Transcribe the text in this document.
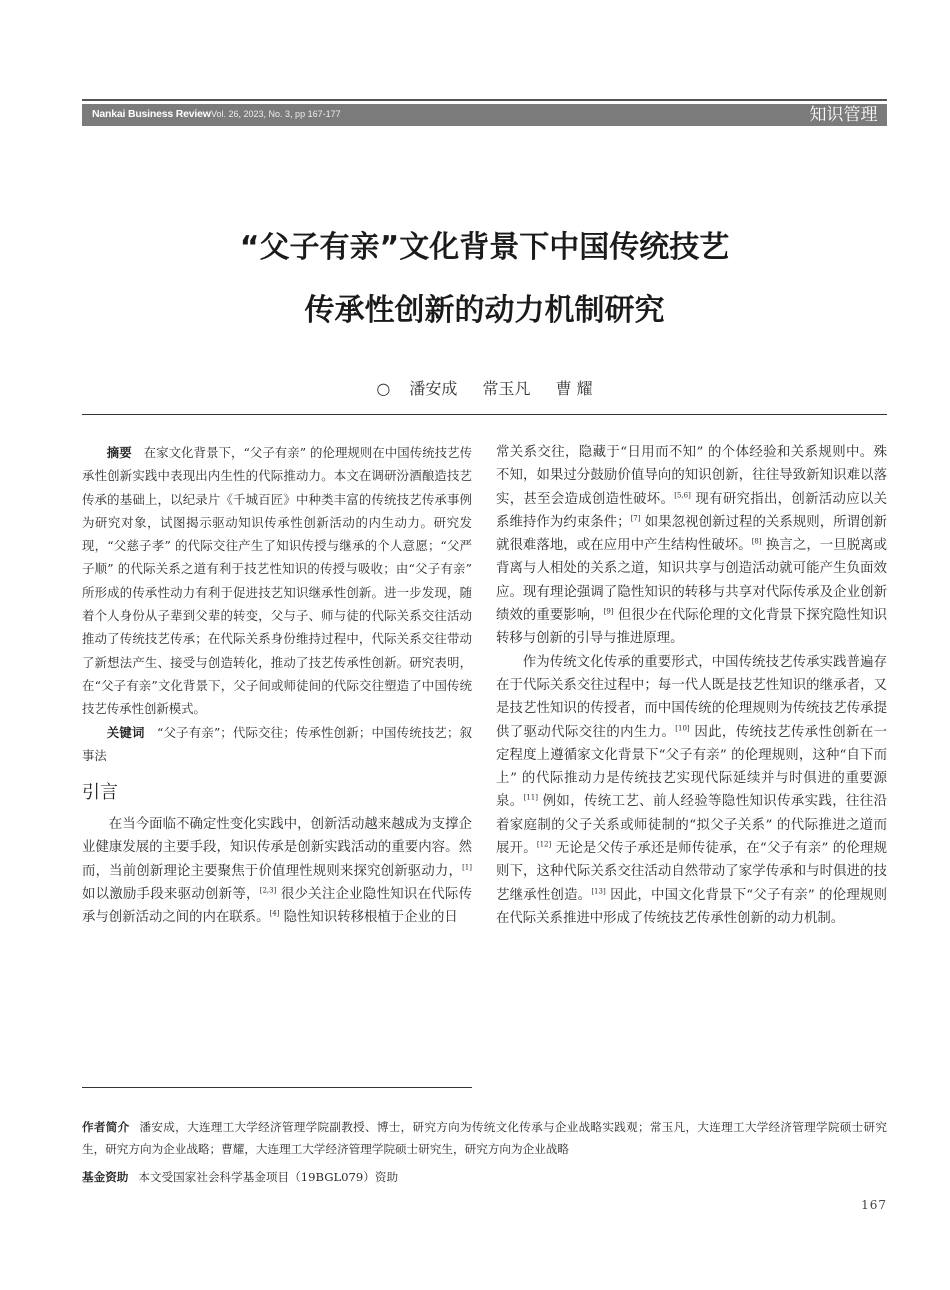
Nankai Business Review Vol. 26, 2023, No. 3, pp 167-177	知识管理
“父子有亲”文化背景下中国传统技艺
传承性创新的动力机制研究
○ 潘安成 常玉凡 曹 耀

摘要 在家文化背景下，“父子有亲” 的伦理规则在中国传统技艺传承性创新实践中表现出内生性的代际推动力。本文在调研汾酒酿造技艺传承的基础上，以纪录片《千城百匠》中种类丰富的传统技艺传承事例为研究对象，试图揭示驱动知识传承性创新活动的内生动力。研究发现，“父慈子孝” 的代际交往产生了知识传授与继承的个人意愿；“父严子顺” 的代际关系之道有利于技艺性知识的传授与吸收；由“父子有亲” 所形成的传承性动力有利于促进技艺知识继承性创新。进一步发现，随着个人身份从子辈到父辈的转变，父与子、师与徒的代际关系交往活动推动了传统技艺传承；在代际关系身份维持过程中，代际关系交往带动了新想法产生、接受与创造转化，推动了技艺传承性创新。研究表明，在“父子有亲”文化背景下，父子间或师徒间的代际交往塑造了中国传统技艺传承性创新模式。

关键词 “父子有亲”；代际交往；传承性创新；中国传统技艺；叙事法

引言

在当今面临不确定性变化实践中，创新活动越来越成为支撑企业健康发展的主要手段，知识传承是创新实践活动的重要内容。然而，当前创新理论主要聚焦于价值理性规则来探究创新驱动力，[1] 如以激励手段来驱动创新等，[2,3] 很少关注企业隐性知识在代际传承与创新活动之间的内在联系。[4] 隐性知识转移根植于企业的日

常关系交往，隐藏于“日用而不知” 的个体经验和关系规则中。殊不知，如果过分鼓励价值导向的知识创新，往往导致新知识难以落实，甚至会造成创造性破坏。[5,6] 现有研究指出，创新活动应以关系维持作为约束条件；[7] 如果忽视创新过程的关系规则，所谓创新就很难落地，或在应用中产生结构性破坏。[8] 换言之，一旦脱离或背离与人相处的关系之道，知识共享与创造活动就可能产生负面效应。现有理论强调了隐性知识的转移与共享对代际传承及企业创新绩效的重要影响，[9] 但很少在代际伦理的文化背景下探究隐性知识转移与创新的引导与推进原理。

作为传统文化传承的重要形式，中国传统技艺传承实践普遍存在于代际关系交往过程中；每一代人既是技艺性知识的继承者，又是技艺性知识的传授者，而中国传统的伦理规则为传统技艺传承提供了驱动代际交往的内生力。[10] 因此，传统技艺传承性创新在一定程度上遵循家文化背景下“父子有亲” 的伦理规则，这种“自下而上” 的代际推动力是传统技艺实现代际延续并与时俱进的重要源泉。[11] 例如，传统工艺、前人经验等隐性知识传承实践，往往沿着家庭制的父子关系或师徒制的“拟父子关系” 的代际推进之道而展开。[12] 无论是父传子承还是师传徒承，在“父子有亲” 的伦理规则下，这种代际关系交往活动自然带动了家学传承和与时俱进的技艺继承性创造。[13] 因此，中国文化背景下“父子有亲” 的伦理规则在代际关系推进中形成了传统技艺传承性创新的动力机制。

作者简介 潘安成，大连理工大学经济管理学院副教授、博士，研究方向为传统文化传承与企业战略实践观；常玉凡，大连理工大学经济管理学院硕士研究生，研究方向为企业战略；曹耀，大连理工大学经济管理学院硕士研究生，研究方向为企业战略
基金资助 本文受国家社会科学基金项目（19BGL079）资助
167
